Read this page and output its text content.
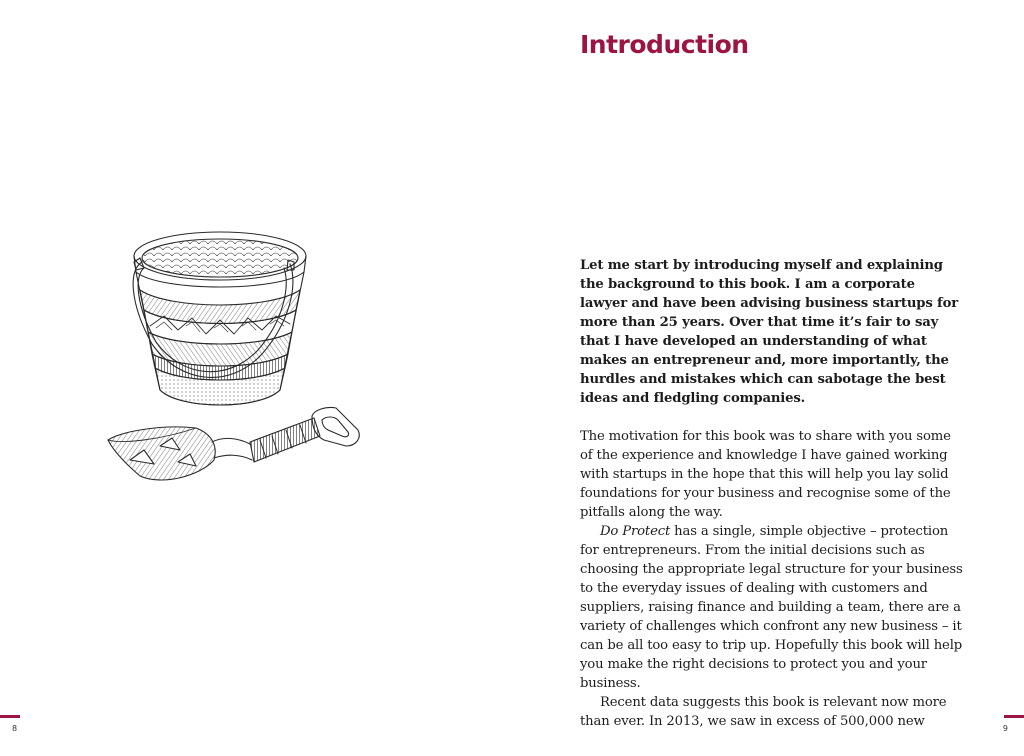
8
Introduction

Let me start by introducing myself and explaining the background to this book. I am a corporate lawyer and have been advising business startups for more than 25 years. Over that time it’s fair to say that I have developed an understanding of what makes an entrepreneur and, more importantly, the hurdles and mistakes which can sabotage the best ideas and fledgling companies.

The motivation for this book was to share with you some of the experience and knowledge I have gained working with startups in the hope that this will help you lay solid foundations for your business and recognise some of the pitfalls along the way.

Do Protect has a single, simple objective – protection for entrepreneurs. From the initial decisions such as choosing the appropriate legal structure for your business to the everyday issues of dealing with customers and suppliers, raising finance and building a team, there are a variety of challenges which confront any new business – it can be all too easy to trip up. Hopefully this book will help you make the right decisions to protect you and your business.

Recent data suggests this book is relevant now more than ever. In 2013, we saw in excess of 500,000 new	9
